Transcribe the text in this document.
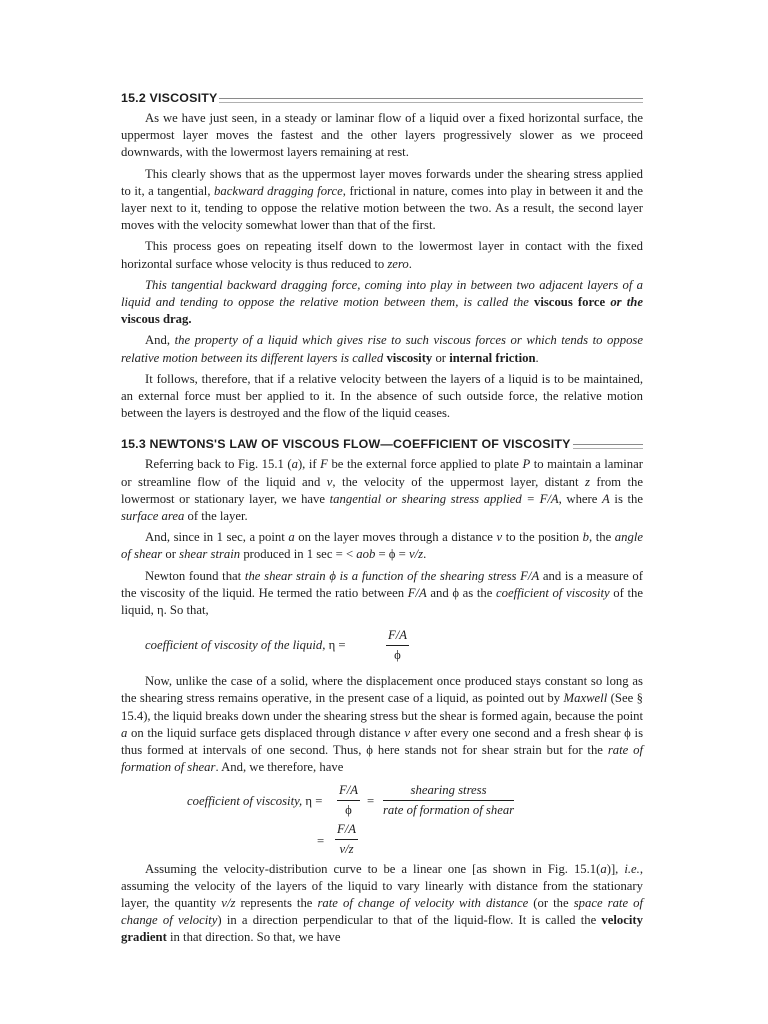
15.2 VISCOSITY

As we have just seen, in a steady or laminar flow of a liquid over a fixed horizontal surface, the uppermost layer moves the fastest and the other layers progressively slower as we proceed downwards, with the lowermost layers remaining at rest.

This clearly shows that as the uppermost layer moves forwards under the shearing stress applied to it, a tangential, backward dragging force, frictional in nature, comes into play in between it and the layer next to it, tending to oppose the relative motion between the two. As a result, the second layer moves with the velocity somewhat lower than that of the first.

This process goes on repeating itself down to the lowermost layer in contact with the fixed horizontal surface whose velocity is thus reduced to zero.

This tangential backward dragging force, coming into play in between two adjacent layers of a liquid and tending to oppose the relative motion between them, is called the viscous force or the viscous drag.

And, the property of a liquid which gives rise to such viscous forces or which tends to oppose relative motion between its different layers is called viscosity or internal friction.

It follows, therefore, that if a relative velocity between the layers of a liquid is to be maintained, an external force must ber applied to it. In the absence of such outside force, the relative motion between the layers is destroyed and the flow of the liquid ceases.

15.3 NEWTONS'S LAW OF VISCOUS FLOW—COEFFICIENT OF VISCOSITY

Referring back to Fig. 15.1 (a), if F be the external force applied to plate P to maintain a laminar or streamline flow of the liquid and v, the velocity of the uppermost layer, distant z from the lowermost or stationary layer, we have tangential or shearing stress applied = F/A, where A is the surface area of the layer.

And, since in 1 sec, a point a on the layer moves through a distance v to the position b, the angle of shear or shear strain produced in 1 sec = < aob = ϕ = v/z.

Newton found that the shear strain ϕ is a function of the shearing stress F/A and is a measure of the viscosity of the liquid. He termed the ratio between F/A and ϕ as the coefficient of viscosity of the liquid, η. So that,

coefficient of viscosity of the liquid, η =	$\frac{F/A}{\phi}$

Now, unlike the case of a solid, where the displacement once produced stays constant so long as the shearing stress remains operative, in the present case of a liquid, as pointed out by Maxwell (See § 15.4), the liquid breaks down under the shearing stress but the shear is formed again, because the point a on the liquid surface gets displaced through distance v after every one second and a fresh shear ϕ is thus formed at intervals of one second. Thus, ϕ here stands not for shear strain but for the rate of formation of shear. And, we therefore, have

coefficient of viscosity, $\eta = \frac{F/A}{\phi}$ =
shearing stress
rate of formation of shear
= $\frac{F/A}{v/z}$

Assuming the velocity-distribution curve to be a linear one [as shown in Fig. 15.1(a)], i.e., assuming the velocity of the layers of the liquid to vary linearly with distance from the stationary layer, the quantity v/z represents the rate of change of velocity with distance (or the space rate of change of velocity) in a direction perpendicular to that of the liquid-flow. It is called the velocity gradient in that direction. So that, we have
